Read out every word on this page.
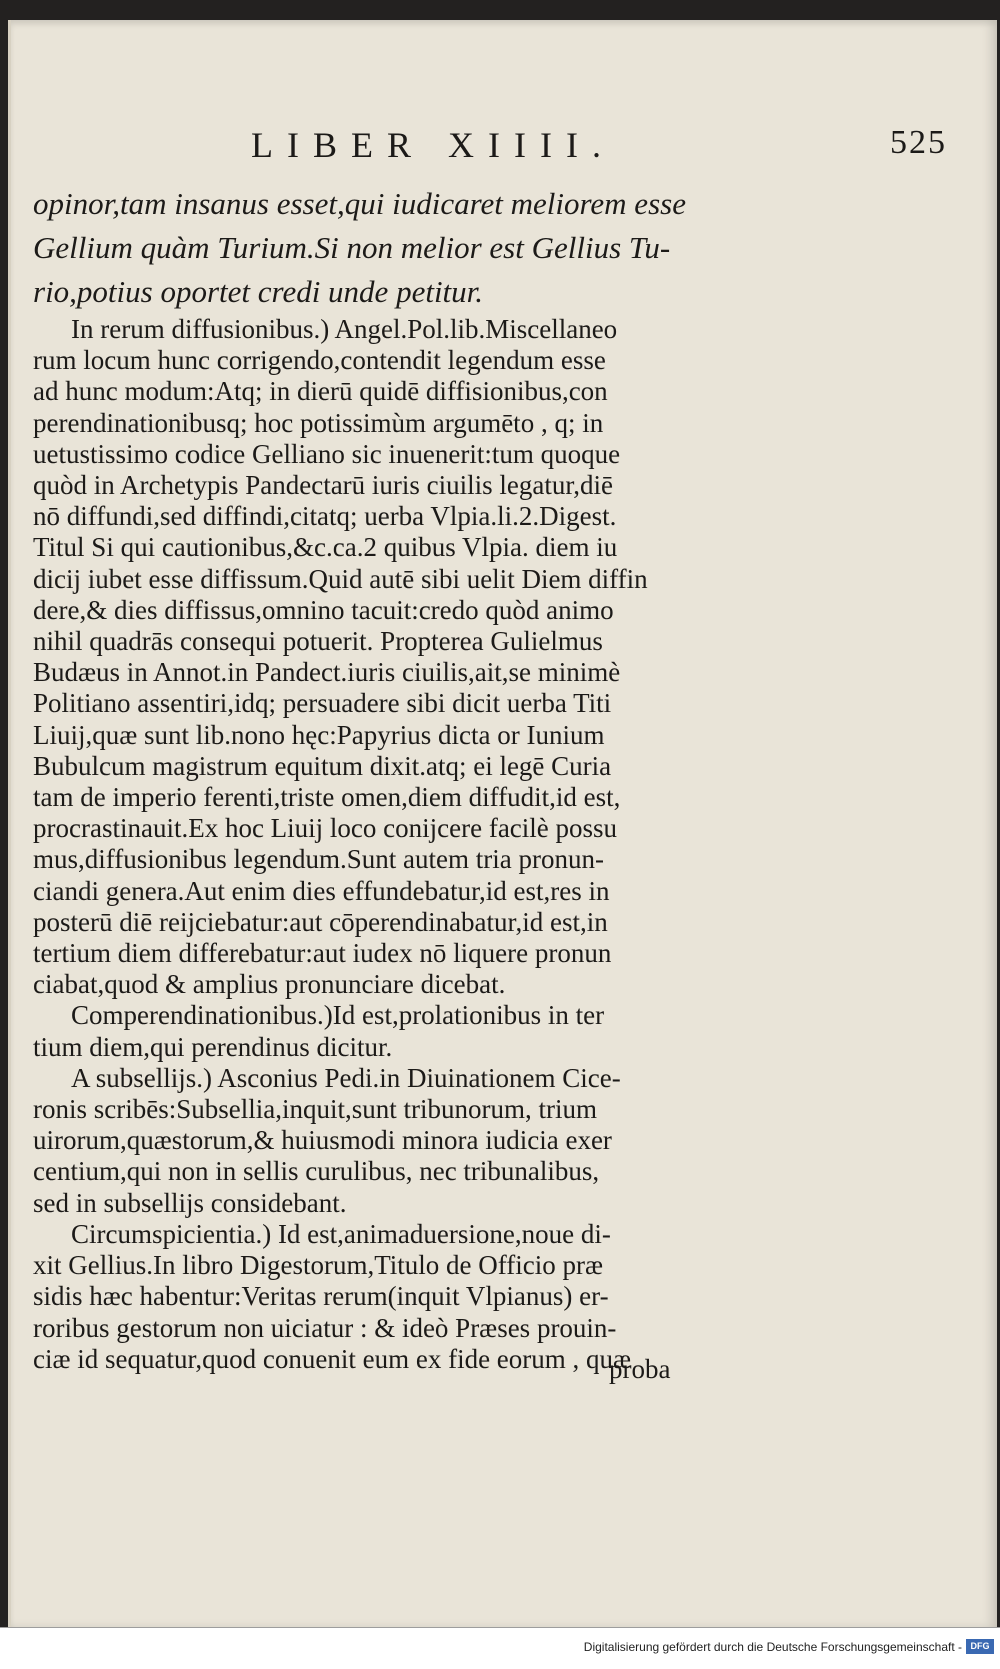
LIBER XIIII.	525
opinor,tam insanus esset,qui iudicaret meliorem esse
Gellium quàm Turium.Si non melior est Gellius Tu-
rio,potius oportet credi unde petitur.
In rerum diffusionibus.) Angel.Pol.lib.Miscellaneo
rum locum hunc corrigendo,contendit legendum esse
ad hunc modum:Atq; in dierū quidē diffisionibus,con
perendinationibusq; hoc potissimùm argumēto , q; in
uetustissimo codice Gelliano sic inuenerit:tum quoque
quòd in Archetypis Pandectarū iuris ciuilis legatur,diē
nō diffundi,sed diffindi,citatq; uerba Vlpia.li.2.Digest.
Titul Si qui cautionibus,&c.ca.2 quibus Vlpia. diem iu
dicij iubet esse diffissum.Quid autē sibi uelit Diem diffin
dere,& dies diffissus,omnino tacuit:credo quòd animo
nihil quadrās consequi potuerit. Propterea Gulielmus
Budæus in Annot.in Pandect.iuris ciuilis,ait,se minimè
Politiano assentiri,idq; persuadere sibi dicit uerba Titi
Liuij,quæ sunt lib.nono hęc:Papyrius dicta or Iunium
Bubulcum magistrum equitum dixit.atq; ei legē Curia
tam de imperio ferenti,triste omen,diem diffudit,id est,
procrastinauit.Ex hoc Liuij loco conijcere facilè possu
mus,diffusionibus legendum.Sunt autem tria pronun-
ciandi genera.Aut enim dies effundebatur,id est,res in
posterū diē reijciebatur:aut cōperendinabatur,id est,in
tertium diem differebatur:aut iudex nō liquere pronun
ciabat,quod & amplius pronunciare dicebat.
Comperendinationibus.)Id est,prolationibus in ter
tium diem,qui perendinus dicitur.
A subsellijs.) Asconius Pedi.in Diuinationem Cice-
ronis scribēs:Subsellia,inquit,sunt tribunorum, trium
uirorum,quæstorum,& huiusmodi minora iudicia exer
centium,qui non in sellis curulibus, nec tribunalibus,
sed in subsellijs considebant.
Circumspicientia.) Id est,animaduersione,noue di-
xit Gellius.In libro Digestorum,Titulo de Officio præ
sidis hæc habentur:Veritas rerum(inquit Vlpianus) er-
roribus gestorum non uiciatur : & ideò Præses prouin-
ciæ id sequatur,quod conuenit eum ex fide eorum , quæ
proba
Digitalisierung gefördert durch die Deutsche Forschungsgemeinschaft - DFG
